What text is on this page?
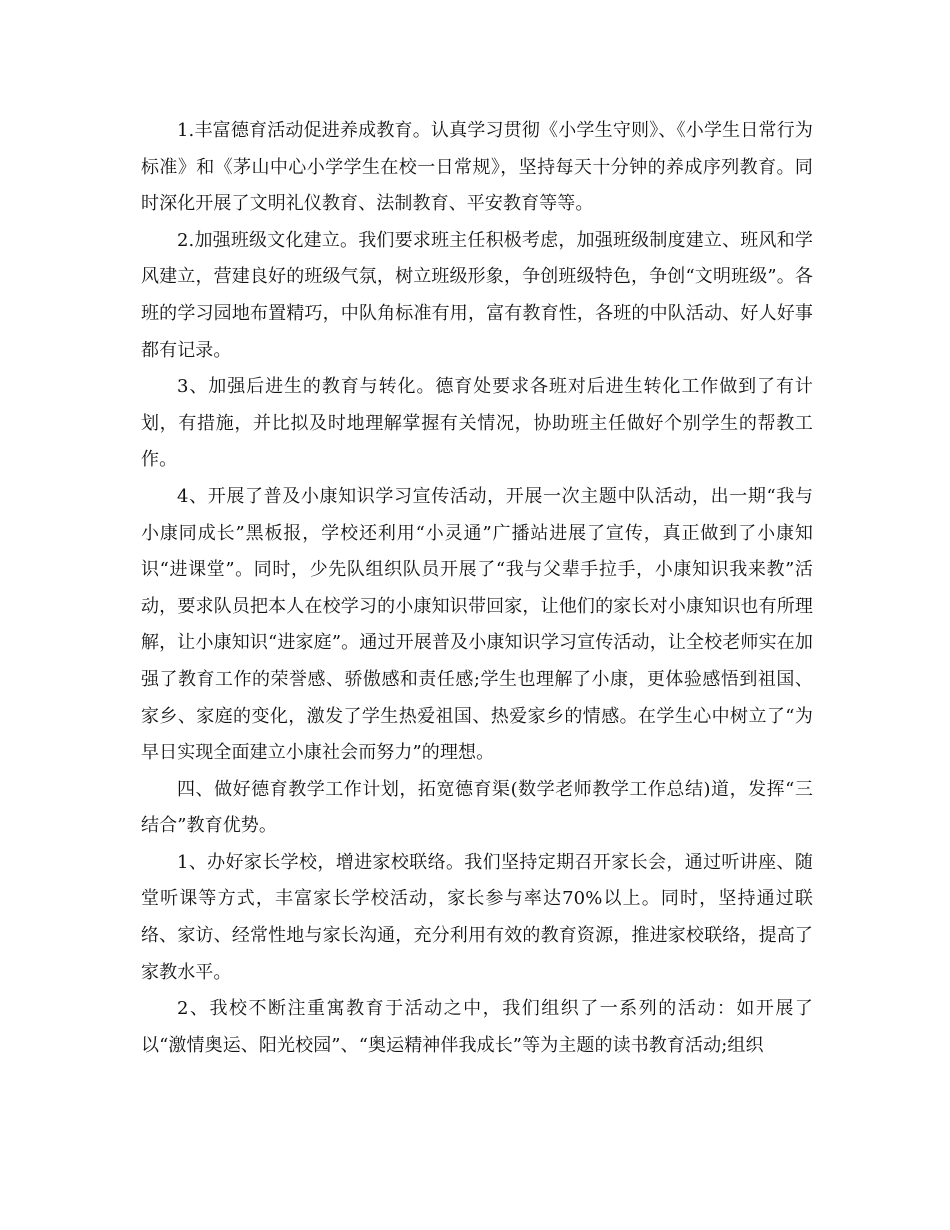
1.丰富德育活动促进养成教育。认真学习贯彻《小学生守则》、《小学生日常行为标准》和《茅山中心小学学生在校一日常规》，坚持每天十分钟的养成序列教育。同时深化开展了文明礼仪教育、法制教育、平安教育等等。

2.加强班级文化建立。我们要求班主任积极考虑，加强班级制度建立、班风和学风建立，营建良好的班级气氛，树立班级形象，争创班级特色，争创“文明班级”。各班的学习园地布置精巧，中队角标准有用，富有教育性，各班的中队活动、好人好事都有记录。

3、加强后进生的教育与转化。德育处要求各班对后进生转化工作做到了有计划，有措施，并比拟及时地理解掌握有关情况，协助班主任做好个别学生的帮教工作。

4、开展了普及小康知识学习宣传活动，开展一次主题中队活动，出一期“我与小康同成长”黑板报，学校还利用“小灵通”广播站进展了宣传，真正做到了小康知识“进课堂”。同时，少先队组织队员开展了“我与父辈手拉手，小康知识我来教”活动，要求队员把本人在校学习的小康知识带回家，让他们的家长对小康知识也有所理解，让小康知识“进家庭”。通过开展普及小康知识学习宣传活动，让全校老师实在加强了教育工作的荣誉感、骄傲感和责任感;学生也理解了小康，更体验感悟到祖国、家乡、家庭的变化，激发了学生热爱祖国、热爱家乡的情感。在学生心中树立了“为早日实现全面建立小康社会而努力”的理想。

四、做好德育教学工作计划，拓宽德育渠(数学老师教学工作总结)道，发挥“三结合”教育优势。

1、办好家长学校，增进家校联络。我们坚持定期召开家长会，通过听讲座、随堂听课等方式，丰富家长学校活动，家长参与率达70%以上。同时，坚持通过联络、家访、经常性地与家长沟通，充分利用有效的教育资源，推进家校联络，提高了家教水平。

2、我校不断注重寓教育于活动之中，我们组织了一系列的活动：如开展了以“激情奥运、阳光校园”、“奥运精神伴我成长”等为主题的读书教育活动;组织
